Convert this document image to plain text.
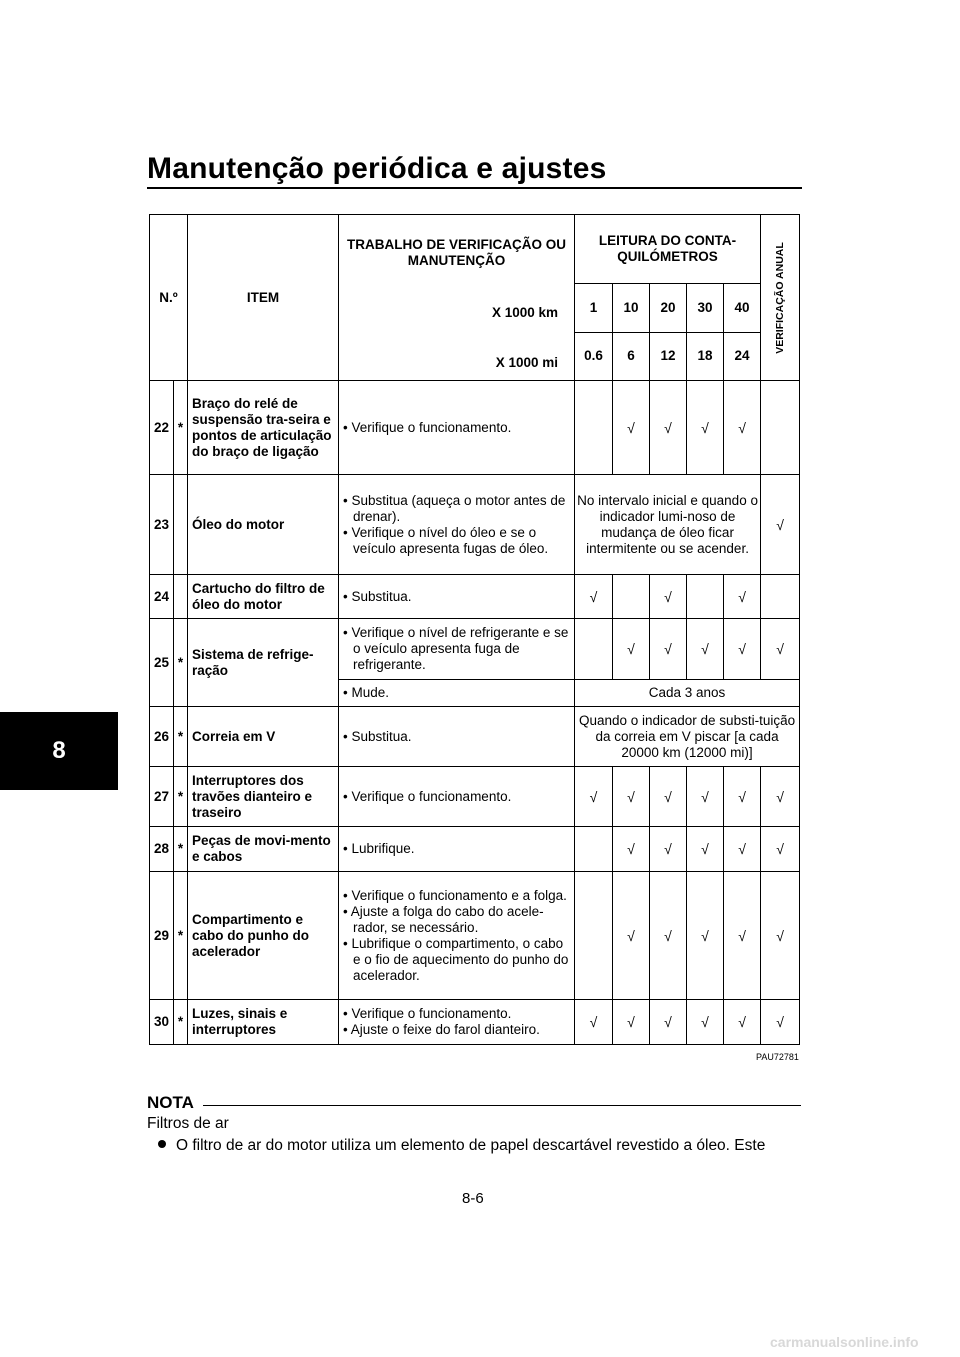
Manutenção periódica e ajustes
8
N.º		ITEM	TRABALHO DE VERIFICAÇÃO OU MANUTENÇÃO
X 1000 km
X 1000 mi	LEITURA DO CONTA-QUILÓMETROS					VERIFICAÇÃO ANUAL

				1	10	20	30	40	
				0.6	6	12	18	24	
22	*	Braço do relé de suspensão tra-seira e pontos de articulação do braço de ligação	• Verifique o funcionamento.		√	√	√	√	
23		Óleo do motor	• Substitua (aqueça o motor antes de drenar).
• Verifique o nível do óleo e se o veículo apresenta fugas de óleo.	No intervalo inicial e quando o indicador lumi-noso de mudança de óleo ficar intermitente ou se acender.					√
24		Cartucho do filtro de óleo do motor	• Substitua.	√		√		√	
25	*	Sistema de refrige-ração	• Verifique o nível de refrigerante e se o veículo apresenta fuga de refrigerante.		√	√	√	√	√

			• Mude.	Cada 3 anos					
26	*	Correia em V	• Substitua.	Quando o indicador de substi-tuição da correia em V piscar [a cada 20000 km (12000 mi)]					
27	*	Interruptores dos travões dianteiro e traseiro	• Verifique o funcionamento.	√	√	√	√	√	√
28	*	Peças de movi-mento e cabos	• Lubrifique.		√	√	√	√	√
29	*	Compartimento e cabo do punho do acelerador	• Verifique o funcionamento e a folga.
• Ajuste a folga do cabo do acele-rador, se necessário.
• Lubrifique o compartimento, o cabo e o fio de aquecimento do punho do acelerador.		√	√	√	√	√
30	*	Luzes, sinais e interruptores	• Verifique o funcionamento.
• Ajuste o feixe do farol dianteiro.	√	√	√	√	√	√
PAU72781
NOTA
Filtros de ar
O filtro de ar do motor utiliza um elemento de papel descartável revestido a óleo. Este
8-6
carmanualsonline.info
